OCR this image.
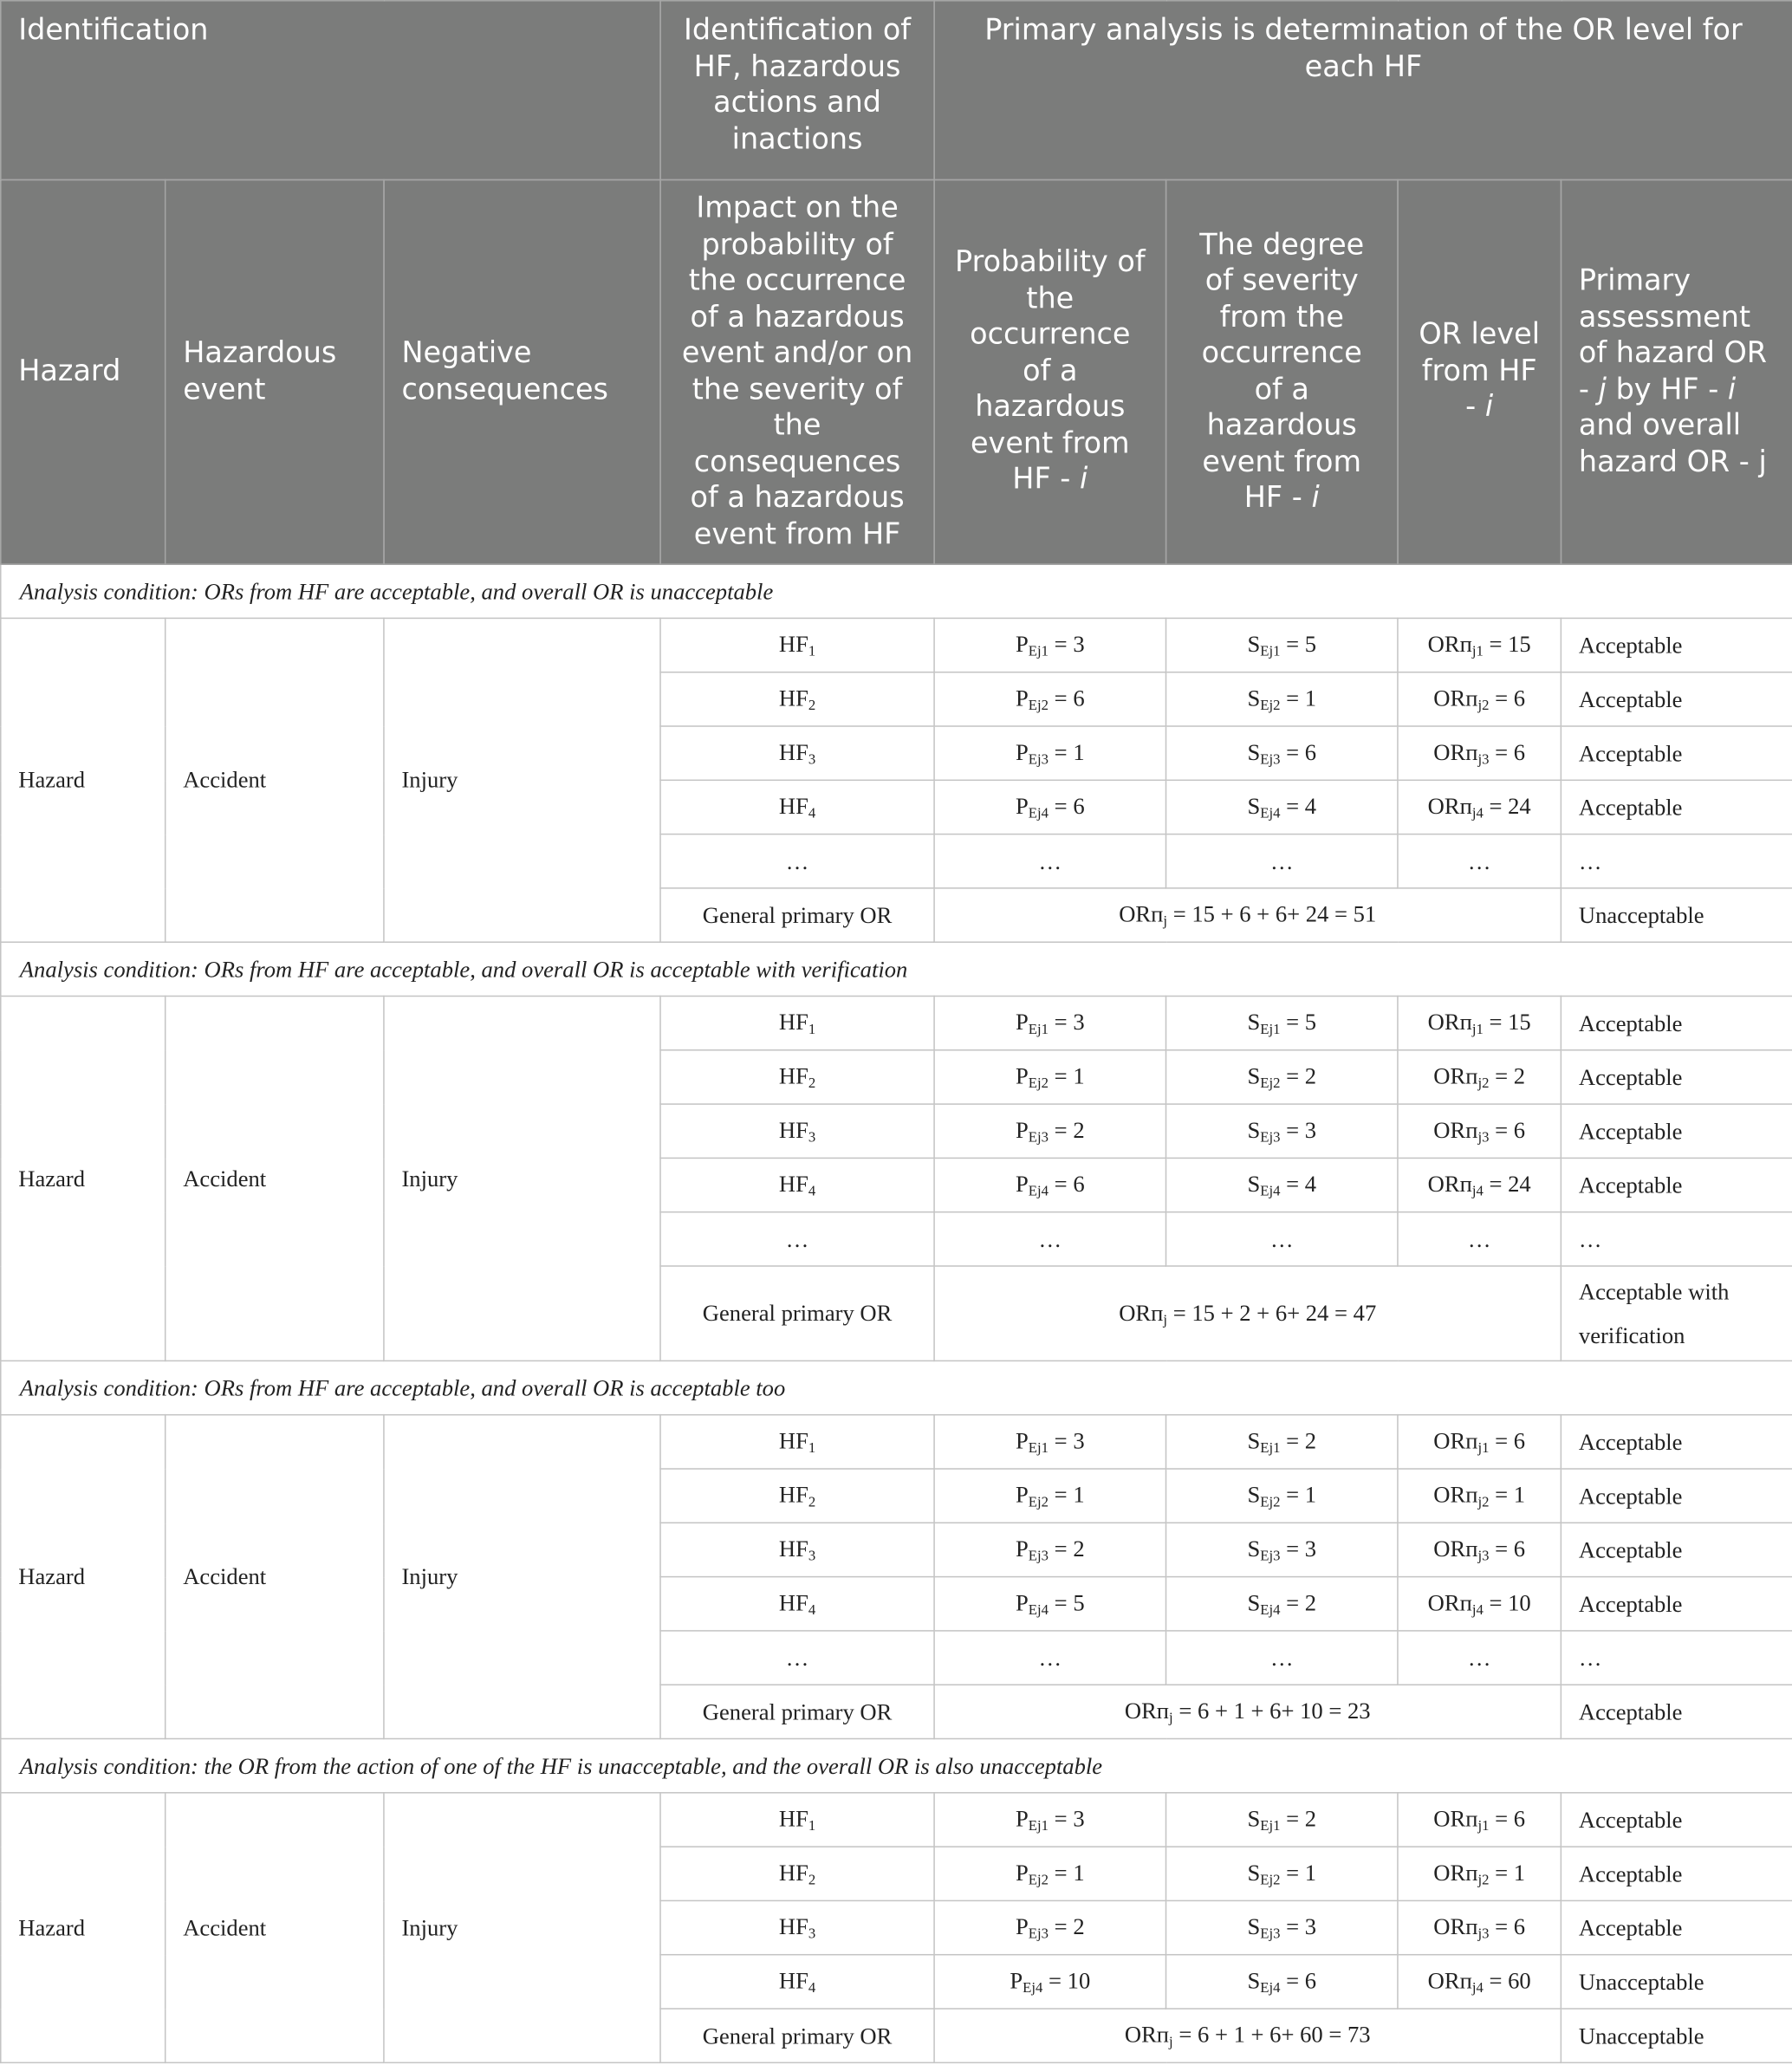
Identification			Identification of HF, hazardous actions and inactions	Primary analysis is determination of the OR level for each HF			
Hazard	Hazardous event	Negative consequences	Impact on the probability of the occurrence of a hazardous event and/or on the severity of the consequences of a hazardous event from HF	Probability of the occurrence of a hazardous event from HF - i	The degree of severity from the occurrence of a hazardous event from HF - i	OR level from HF - i	Primary assessment of hazard OR - j by HF - i and overall hazard OR - j
Analysis condition: ORs from HF are acceptable, and overall OR is unacceptable							
Hazard	Accident	Injury	$HF_1$	$P_{Ej1} = 3$	$S_{Ej1} = 5$	ORп$_{j1}$ = 15	Acceptable
			$HF_2$	$P_{Ej2} = 6$	$S_{Ej2} = 1$	ORп$_{j2}$ = 6	Acceptable
			$HF_3$	$P_{Ej3} = 1$	$S_{Ej3} = 6$	ORп$_{j3}$ = 6	Acceptable
			$HF_4$	$P_{Ej4} = 6$	$S_{Ej4} = 4$	ORп$_{j4}$ = 24	Acceptable
			…	…	…	…	…
			General primary OR	ORп$_j$ = 15 + 6 + 6+ 24 = 51			Unacceptable
Analysis condition: ORs from HF are acceptable, and overall OR is acceptable with verification							
Hazard	Accident	Injury	$HF_1$	$P_{Ej1} = 3$	$S_{Ej1} = 5$	ORп$_{j1}$ = 15	Acceptable
			$HF_2$	$P_{Ej2} = 1$	$S_{Ej2} = 2$	ORп$_{j2}$ = 2	Acceptable
			$HF_3$	$P_{Ej3} = 2$	$S_{Ej3} = 3$	ORп$_{j3}$ = 6	Acceptable
			$HF_4$	$P_{Ej4} = 6$	$S_{Ej4} = 4$	ORп$_{j4}$ = 24	Acceptable
			…	…	…	…	…
			General primary OR	ORп$_j$ = 15 + 2 + 6+ 24 = 47			Acceptable with
verification
Analysis condition: ORs from HF are acceptable, and overall OR is acceptable too							
Hazard	Accident	Injury	$HF_1$	$P_{Ej1} = 3$	$S_{Ej1} = 2$	ORп$_{j1}$ = 6	Acceptable
			$HF_2$	$P_{Ej2} = 1$	$S_{Ej2} = 1$	ORп$_{j2}$ = 1	Acceptable
			$HF_3$	$P_{Ej3} = 2$	$S_{Ej3} = 3$	ORп$_{j3}$ = 6	Acceptable
			$HF_4$	$P_{Ej4} = 5$	$S_{Ej4} = 2$	ORп$_{j4}$ = 10	Acceptable
			…	…	…	…	…
			General primary OR	ORп$_j$ = 6 + 1 + 6+ 10 = 23			Acceptable
Analysis condition: the OR from the action of one of the HF is unacceptable, and the overall OR is also unacceptable							
Hazard	Accident	Injury	$HF_1$	$P_{Ej1} = 3$	$S_{Ej1} = 2$	ORп$_{j1}$ = 6	Acceptable
			$HF_2$	$P_{Ej2} = 1$	$S_{Ej2} = 1$	ORп$_{j2}$ = 1	Acceptable
			$HF_3$	$P_{Ej3} = 2$	$S_{Ej3} = 3$	ORп$_{j3}$ = 6	Acceptable
			$HF_4$	$P_{Ej4} = 10$	$S_{Ej4} = 6$	ORп$_{j4}$ = 60	Unacceptable
			General primary OR	ORп$_j$ = 6 + 1 + 6+ 60 = 73			Unacceptable
